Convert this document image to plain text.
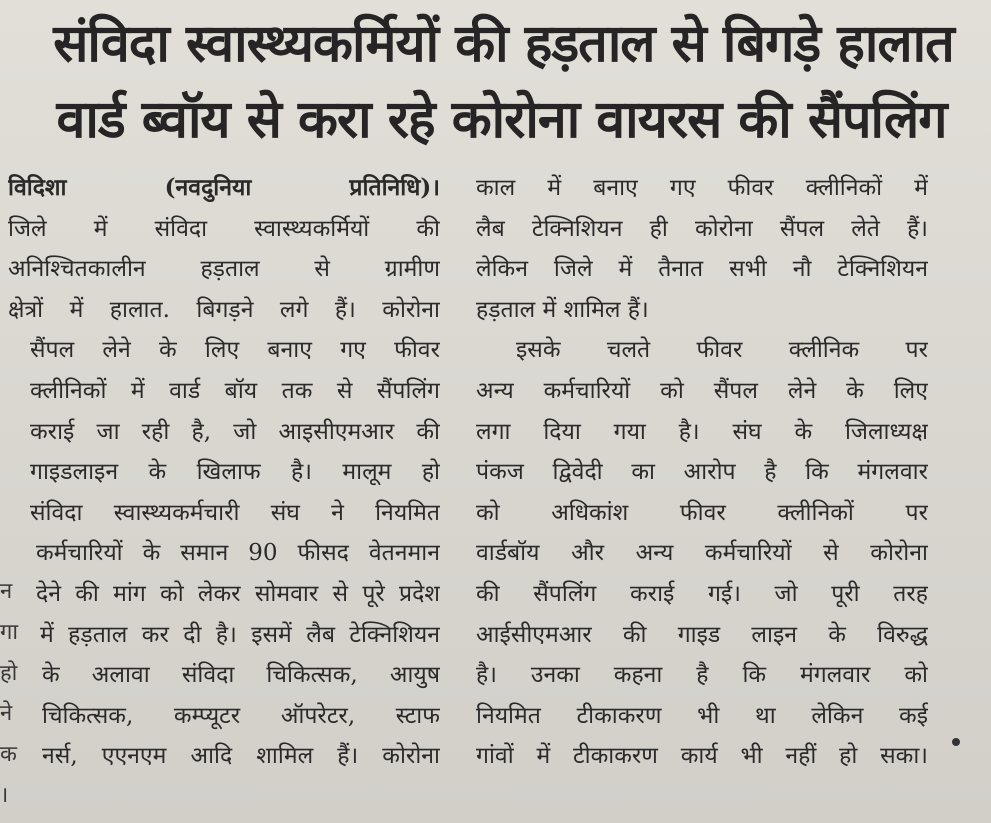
संविदा स्वास्थ्यकर्मियों की हड़ताल से बिगड़े हालात
वार्ड ब्वॉय से करा रहे कोरोना वायरस की सैंपलिंग
न
गा
हो
ने
क
।
विदिशा (नवदुनिया प्रतिनिधि)।
जिले में संविदा स्वास्थ्यकर्मियों की
अनिश्चितकालीन हड़ताल से ग्रामीण
क्षेत्रों में हालात. बिगड़ने लगे हैं। कोरोना
सैंपल लेने के लिए बनाए गए फीवर
क्लीनिकों में वार्ड बॉय तक से सैंपलिंग
कराई जा रही है, जो आइसीएमआर की
गाइडलाइन के खिलाफ है। मालूम हो
संविदा स्वास्थ्यकर्मचारी संघ ने नियमित
कर्मचारियों के समान 90 फीसद वेतनमान
देने की मांग को लेकर सोमवार से पूरे प्रदेश
में हड़ताल कर दी है। इसमें लैब टेक्निशियन
के अलावा संविदा चिकित्सक, आयुष
चिकित्सक, कम्प्यूटर ऑपरेटर, स्टाफ
नर्स, एएनएम आदि शामिल हैं। कोरोना
काल में बनाए गए फीवर क्लीनिकों में
लैब टेक्निशियन ही कोरोना सैंपल लेते हैं।
लेकिन जिले में तैनात सभी नौ टेक्निशियन
हड़ताल में शामिल हैं।
इसके चलते फीवर क्लीनिक पर
अन्य कर्मचारियों को सैंपल लेने के लिए
लगा दिया गया है। संघ के जिलाध्यक्ष
पंकज द्विवेदी का आरोप है कि मंगलवार
को अधिकांश फीवर क्लीनिकों पर
वार्डबॉय और अन्य कर्मचारियों से कोरोना
की सैंपलिंग कराई गई। जो पूरी तरह
आईसीएमआर की गाइड लाइन के विरुद्ध
है। उनका कहना है कि मंगलवार को
नियमित टीकाकरण भी था लेकिन कई
गांवों में टीकाकरण कार्य भी नहीं हो सका।
